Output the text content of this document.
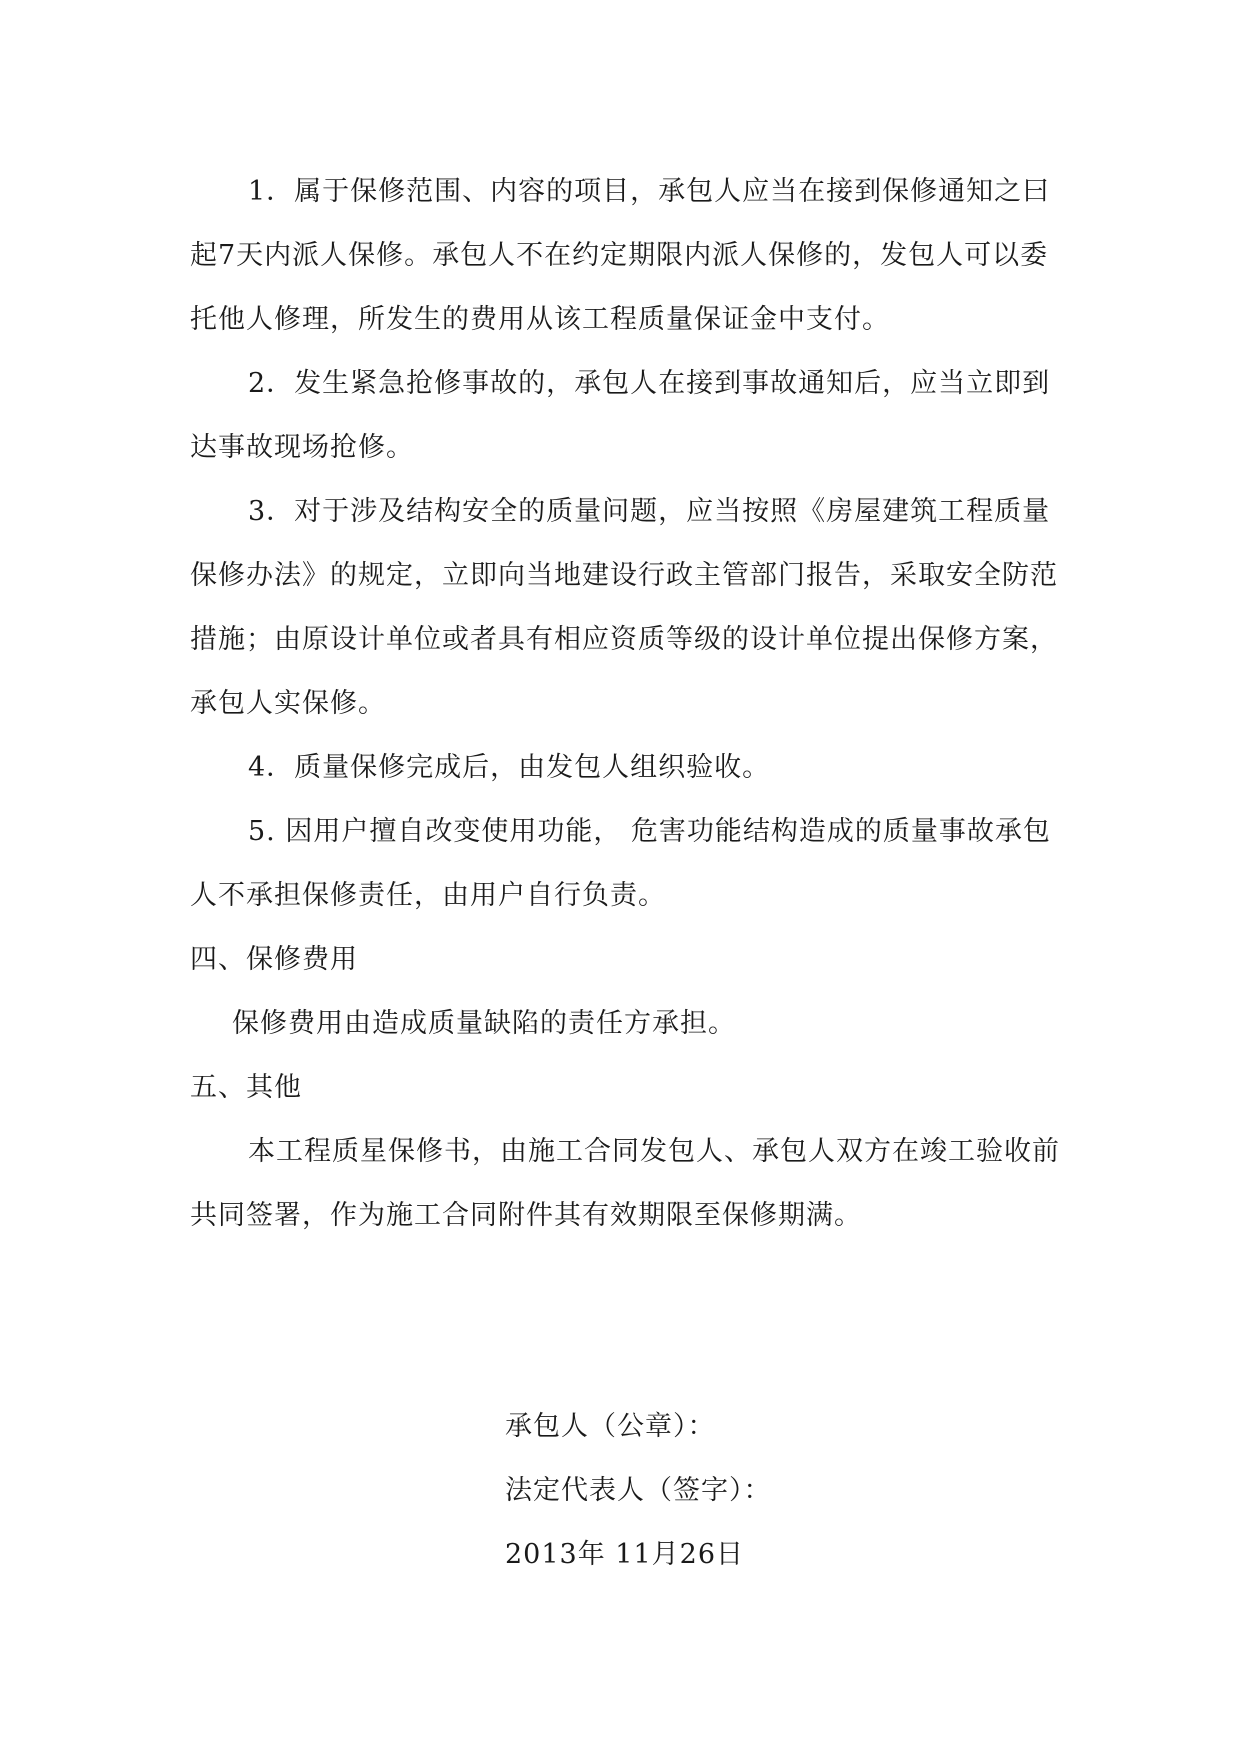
1．属于保修范围、内容的项目，承包人应当在接到保修通知之曰起7天内派人保修。承包人不在约定期限内派人保修的，发包人可以委托他人修理，所发生的费用从该工程质量保证金中支付。

2．发生紧急抢修事故的，承包人在接到事故通知后，应当立即到达事故现场抢修。

3．对于涉及结构安全的质量问题，应当按照《房屋建筑工程质量保修办法》的规定，立即向当地建设行政主管部门报告，采取安全防范措施；由原设计单位或者具有相应资质等级的设计单位提出保修方案，承包人实保修。

4．质量保修完成后，由发包人组织验收。

5. 因用户擅自改变使用功能， 危害功能结构造成的质量事故承包人不承担保修责任，由用户自行负责。

四、保修费用

保修费用由造成质量缺陷的责任方承担。

五、其他

本工程质星保修书，由施工合同发包人、承包人双方在竣工验收前共同签署，作为施工合同附件其有效期限至保修期满。

承包人（公章）：

法定代表人（签字）：

2013年 11月26日
